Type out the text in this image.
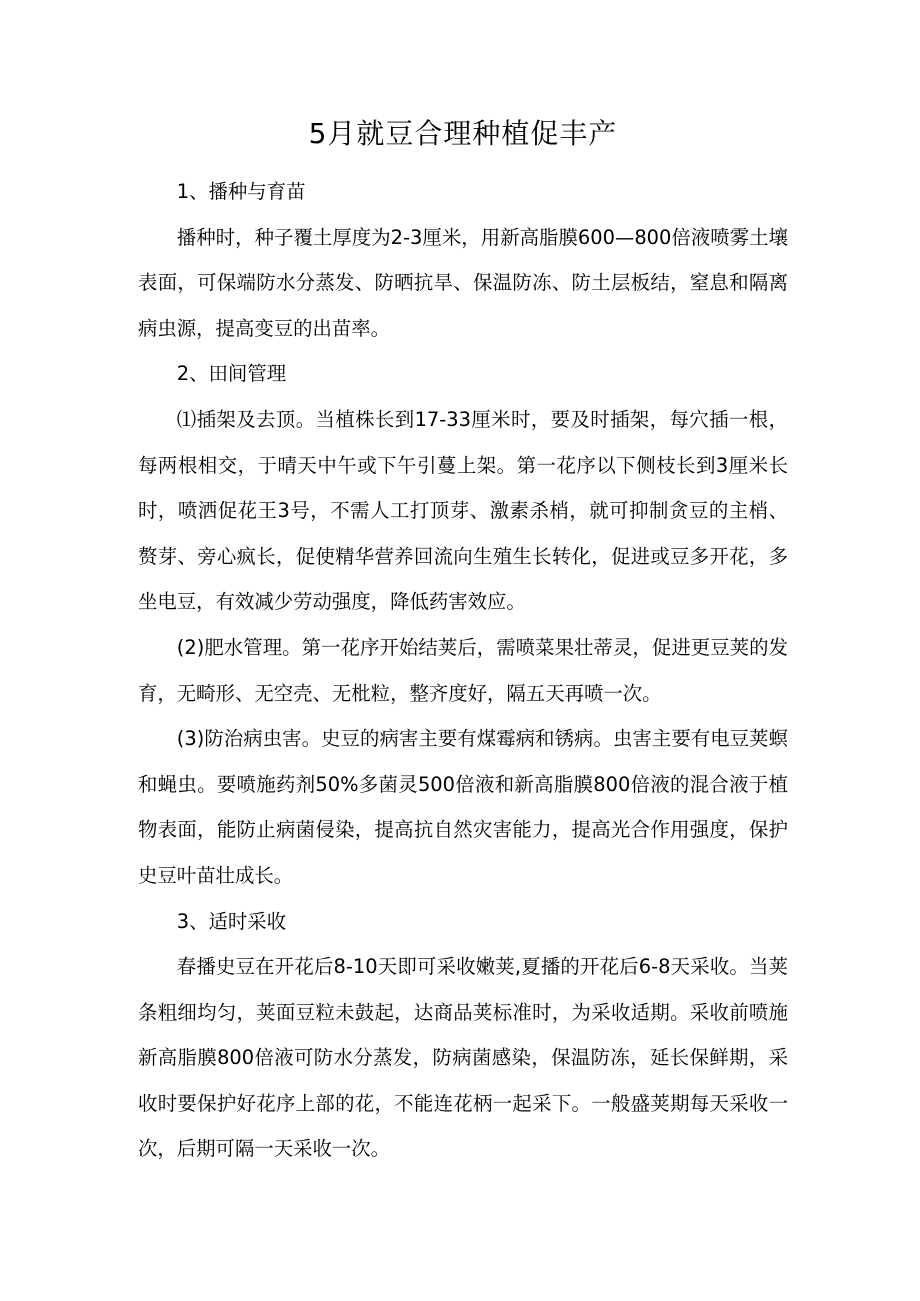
5月就豆合理种植促丰产

1、播种与育苗

播种时，种子覆土厚度为2-3厘米，用新高脂膜600—800倍液喷雾土壤表面，可保端防水分蒸发、防晒抗旱、保温防冻、防土层板结，窒息和隔离病虫源，提高变豆的出苗率。

2、田间管理

⑴插架及去顶。当植株长到17-33厘米时，要及时插架，每穴插一根，每两根相交，于晴天中午或下午引蔓上架。第一花序以下侧枝长到3厘米长时，喷洒促花王3号，不需人工打顶芽、激素杀梢，就可抑制贪豆的主梢、赘芽、旁心疯长，促使精华营养回流向生殖生长转化，促进或豆多开花，多坐电豆，有效减少劳动强度，降低药害效应。

(2)肥水管理。第一花序开始结荚后，需喷菜果壮蒂灵，促进更豆荚的发育，无畸形、无空壳、无枇粒，整齐度好，隔五天再喷一次。

(3)防治病虫害。史豆的病害主要有煤霉病和锈病。虫害主要有电豆荚螟和蝇虫。要喷施药剂50%多菌灵500倍液和新高脂膜800倍液的混合液于植物表面，能防止病菌侵染，提高抗自然灾害能力，提高光合作用强度，保护史豆叶苗壮成长。

3、适时采收

春播史豆在开花后8-10天即可采收嫩荚,夏播的开花后6-8天采收。当荚条粗细均匀，荚面豆粒未鼓起，达商品荚标准时，为采收适期。采收前喷施新高脂膜800倍液可防水分蒸发，防病菌感染，保温防冻，延长保鲜期，采收时要保护好花序上部的花，不能连花柄一起采下。一般盛荚期每天采收一次，后期可隔一天采收一次。
